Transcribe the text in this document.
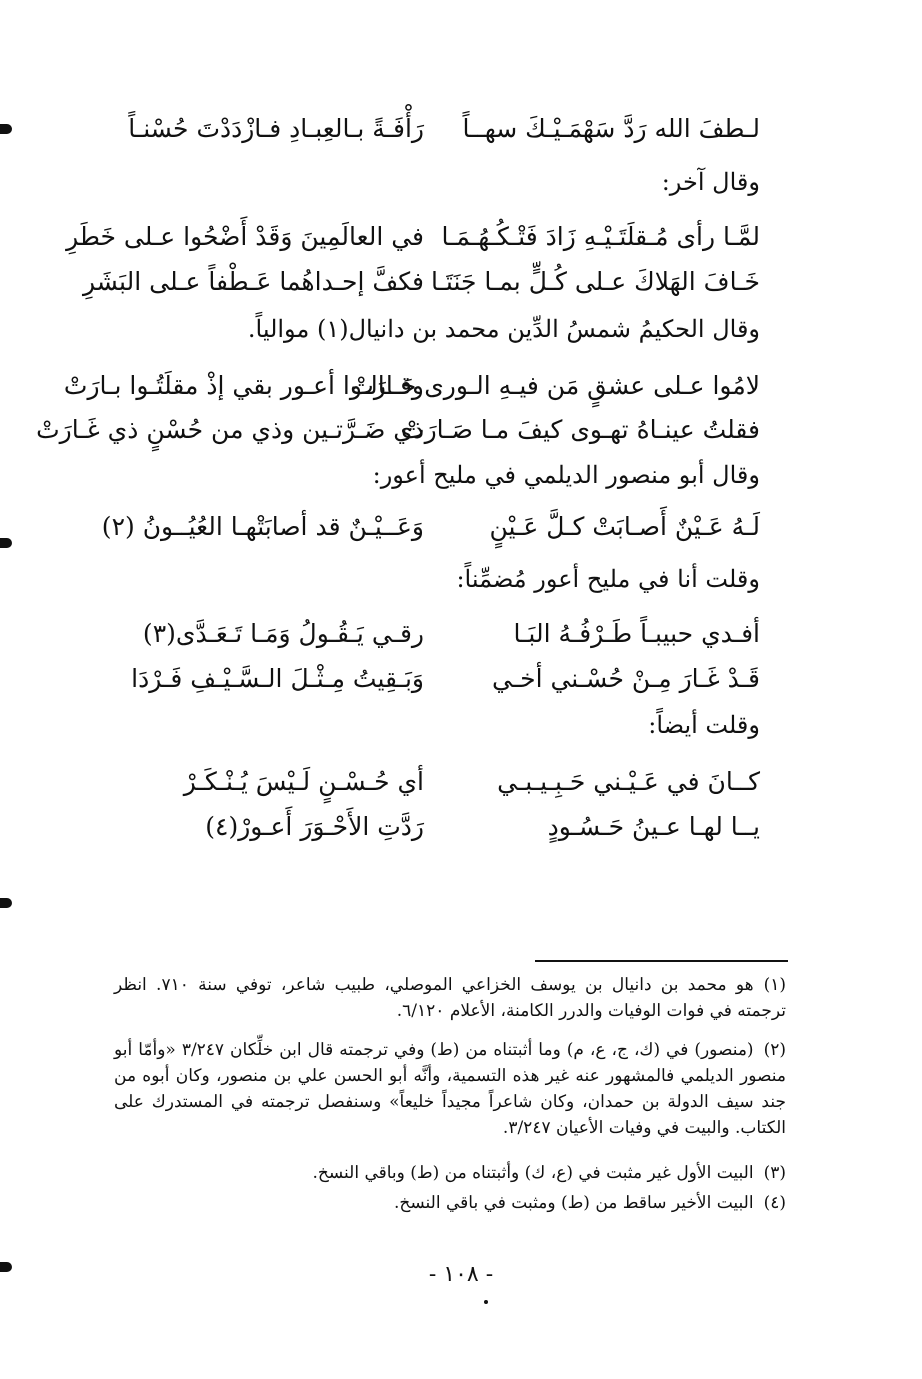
لـطفَ الله رَدَّ سَهْمَـيْـكَ سهــاً
رَأْفَـةً بـالعِبـادِ فـازْدَدْتَ حُسْنـاً
لمَّـا رأى مُـقلَتَـيْـهِ زَادَ فَتْـكُـهُـمَـا
في العالَمِينَ وَقَدْ أَضْحُوا عـلى خَطَرِ
خَـافَ الهَلاكَ عـلى كُـلٍّ بمـا جَنَتَـا
فكفَّ إحـداهُما عَـطْفاً عـلى البَشَرِ
لامُوا عـلى عشقٍ مَن فيـهِ الـورى حَـارَتْ
وقــالـوا أعـور بقي إذْ مقلَتُـوا بـارَتْ
فقلتُ عينـاهُ تهـوى كيفَ مـا صَـارَتْ
ذي ضَـرَّتـين وذي من حُسْنٍ ذي غَـارَتْ
لَـهُ عَـيْنٌ أَصـابَتْ كـلَّ عَـيْنٍ
وَعَــيْـنٌ قد أصابَتْهـا العُيُــونُ (٢)
أفـدي حبيبـاً طَـرْفُـهُ البَـا
رقـي يَـقُـولُ وَمَـا تَـعَـدَّى(٣)
قَـدْ غَـارَ مِـنْ حُسْـني أخـي
وَبَـقِيتُ مِـثْـلَ الـسَّـيْـفِ فَـرْدَا
كــانَ في عَـيْـني حَـبِـيـبـي
أي حُـسْـنٍ لَـيْسَ يُـنْـكَـرْ
يــا لهـا عـينُ حَـسُـودٍ
رَدَّتِ الأَحْـوَرَ أَعـورْ(٤)
وقال آخر:
وقال الحكيمُ شمسُ الدِّين محمد بن دانيال(١) موالياً.
وقال أبو منصور الديلمي في مليح أعور:
وقلت أنا في مليح أعور مُضمِّناً:
وقلت أيضاً:
(١)هو محمد بن دانيال بن يوسف الخزاعي الموصلي، طبيب شاعر، توفي سنة ٧١٠. انظر ترجمته في فوات الوفيات والدرر الكامنة، الأعلام ٦/١٢٠.
(٢)(منصور) في (ك، ج، ع، م) وما أثبتناه من (ط) وفي ترجمته قال ابن خلِّكان ٣/٢٤٧ «وأمّا أبو منصور الديلمي فالمشهور عنه غير هذه التسمية، وأنَّه أبو الحسن علي بن منصور، وكان أبوه من جند سيف الدولة بن حمدان، وكان شاعراً مجيداً خليعاً» وسنفصل ترجمته في المستدرك على الكتاب. والبيت في وفيات الأعيان ٣/٢٤٧.
(٣)البيت الأول غير مثبت في (ع، ك) وأثبتناه من (ط) وباقي النسخ.
(٤)البيت الأخير ساقط من (ط) ومثبت في باقي النسخ.
- ١٠٨ -
